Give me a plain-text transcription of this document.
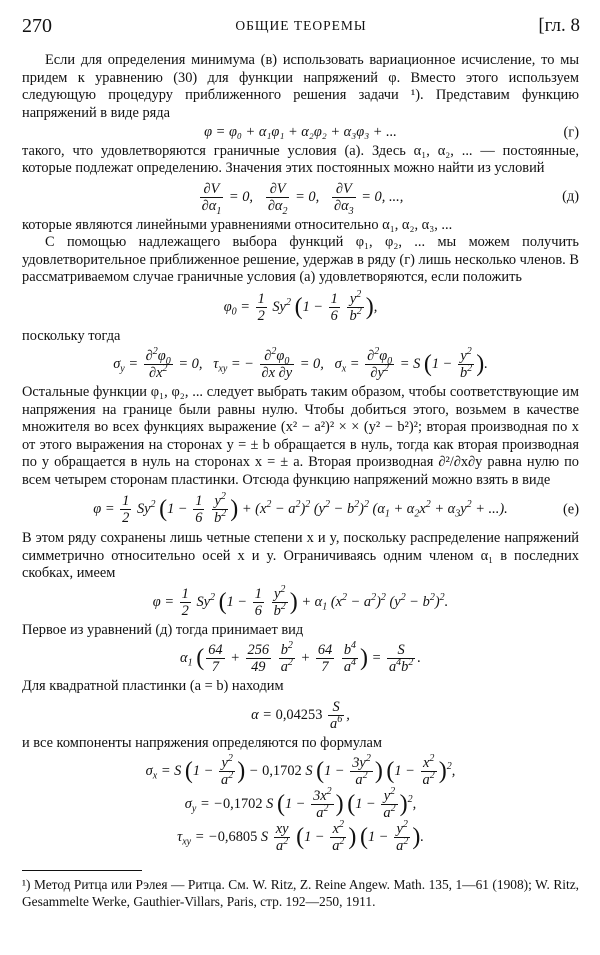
270	ОБЩИЕ ТЕОРЕМЫ	[гл. 8

Если для определения минимума (в) использовать вариационное исчисление, то мы придем к уравнению (30) для функции напряжений φ. Вместо этого используем следующую процедуру приближенного решения задачи ¹). Представим функцию напряжений в виде ряда

φ = φ₀ + α₁φ₁ + α₂φ₂ + α₃φ₃ + ...	(г)

такого, что удовлетворяются граничные условия (а). Здесь α₁, α₂, ... — постоянные, которые подлежат определению. Значения этих постоянных можно найти из условий

$\frac{\partial V}{\partial\alpha_1} = 0$, $\frac{\partial V}{\partial\alpha_2} = 0$, $\frac{\partial V}{\partial\alpha_3} = 0$, ...,	(д)

которые являются линейными уравнениями относительно α₁, α₂, α₃, ...

С помощью надлежащего выбора функций φ₁, φ₂, ... мы можем получить удовлетворительное приближенное решение, удержав в ряду (г) лишь несколько членов. В рассматриваемом случае граничные условия (а) удовлетворяются, если положить

$\varphi_0 = \frac{1}{2} Sy^2$ ($1 - \frac{1}{6}$
$\frac{y^2}{b^2}$ ),

поскольку тогда

$\sigma_y = \frac{\partial^2\varphi_0}{\partial x^2} = 0$,   $\tau_{xy}$ = − $\frac{\partial^2\varphi_0}{\partial x \partial y} = 0$,   $\sigma_x = \frac{\partial^2\varphi_0}{\partial y^2} = S$ ($1 - \frac{y^2}{b^2}$ ).

Остальные функции φ₁, φ₂, ... следует выбрать таким образом, чтобы соответствующие им напряжения на границе были равны нулю. Чтобы добиться этого, возьмем в качестве множителя во всех функциях выражение (x² − a²)² × × (y² − b²)²; вторая производная по x от этого выражения на сторонах y = ± b обращается в нуль, тогда как вторая производная по y обращается в нуль на сторонах x = ± a. Вторая производная ∂²/∂x∂y равна нулю по всем четырем сторонам пластинки. Отсюда функцию напряжений можно взять в виде

$\varphi = \frac{1}{2} Sy^2$ ($1 - \frac{1}{6}$
$\frac{y^2}{b^2}$ ) + $(x^2 - a^2)^2$ $(y^2 - b^2)^2$ ($\alpha_1 + \alpha_2x^2 + \alpha_3y^2$ + ...).	(е)

В этом ряду сохранены лишь четные степени x и y, поскольку распределение напряжений симметрично относительно осей x и y. Ограничиваясь одним членом α₁ в последних скобках, имеем

$\varphi = \frac{1}{2} Sy^2$ ($1 - \frac{1}{6}$
$\frac{y^2}{b^2}$ ) + $\alpha_1$ $(x^2 - a^2)^2$ $(y^2 - b^2)^2$.

Первое из уравнений (д) тогда принимает вид

$\alpha_1$ ( $\frac{64}{7} + \frac{256}{49}$
$\frac{b^2}{a^2} + \frac{64}{7}$
$\frac{b^4}{a^4}$ ) = $\frac{S}{a^4b^2}$ .

Для квадратной пластинки (a = b) находим

$\alpha = 0,04253 \frac{S}{a^6}$ ,

и все компоненты напряжения определяются по формулам

$\sigma_x = S$ ($1 - \frac{y^2}{a^2}$ ) − 0,1702 S ($1 - \frac{3y^2}{a^2}$ ) $(1 - \frac{x^2}{a^2} )^2$,
$\sigma_y = -0,1702$ S ($1 - \frac{3x^2}{a^2}$ ) $(1 - \frac{y^2}{a^2} )^2$,
$\tau_{xy} = -0,6805$ S $\frac{xy}{a^2} (1 - \frac{x^2}{a^2}$ ) ($1 - \frac{y^2}{a^2}$ ).

¹) Метод Ритца или Рэлея — Ритца. См. W. Ritz, Z. Reine Angew. Math. 135, 1—61 (1908); W. Ritz, Gesammelte Werke, Gauthier-Villars, Paris, стр. 192—250, 1911.
